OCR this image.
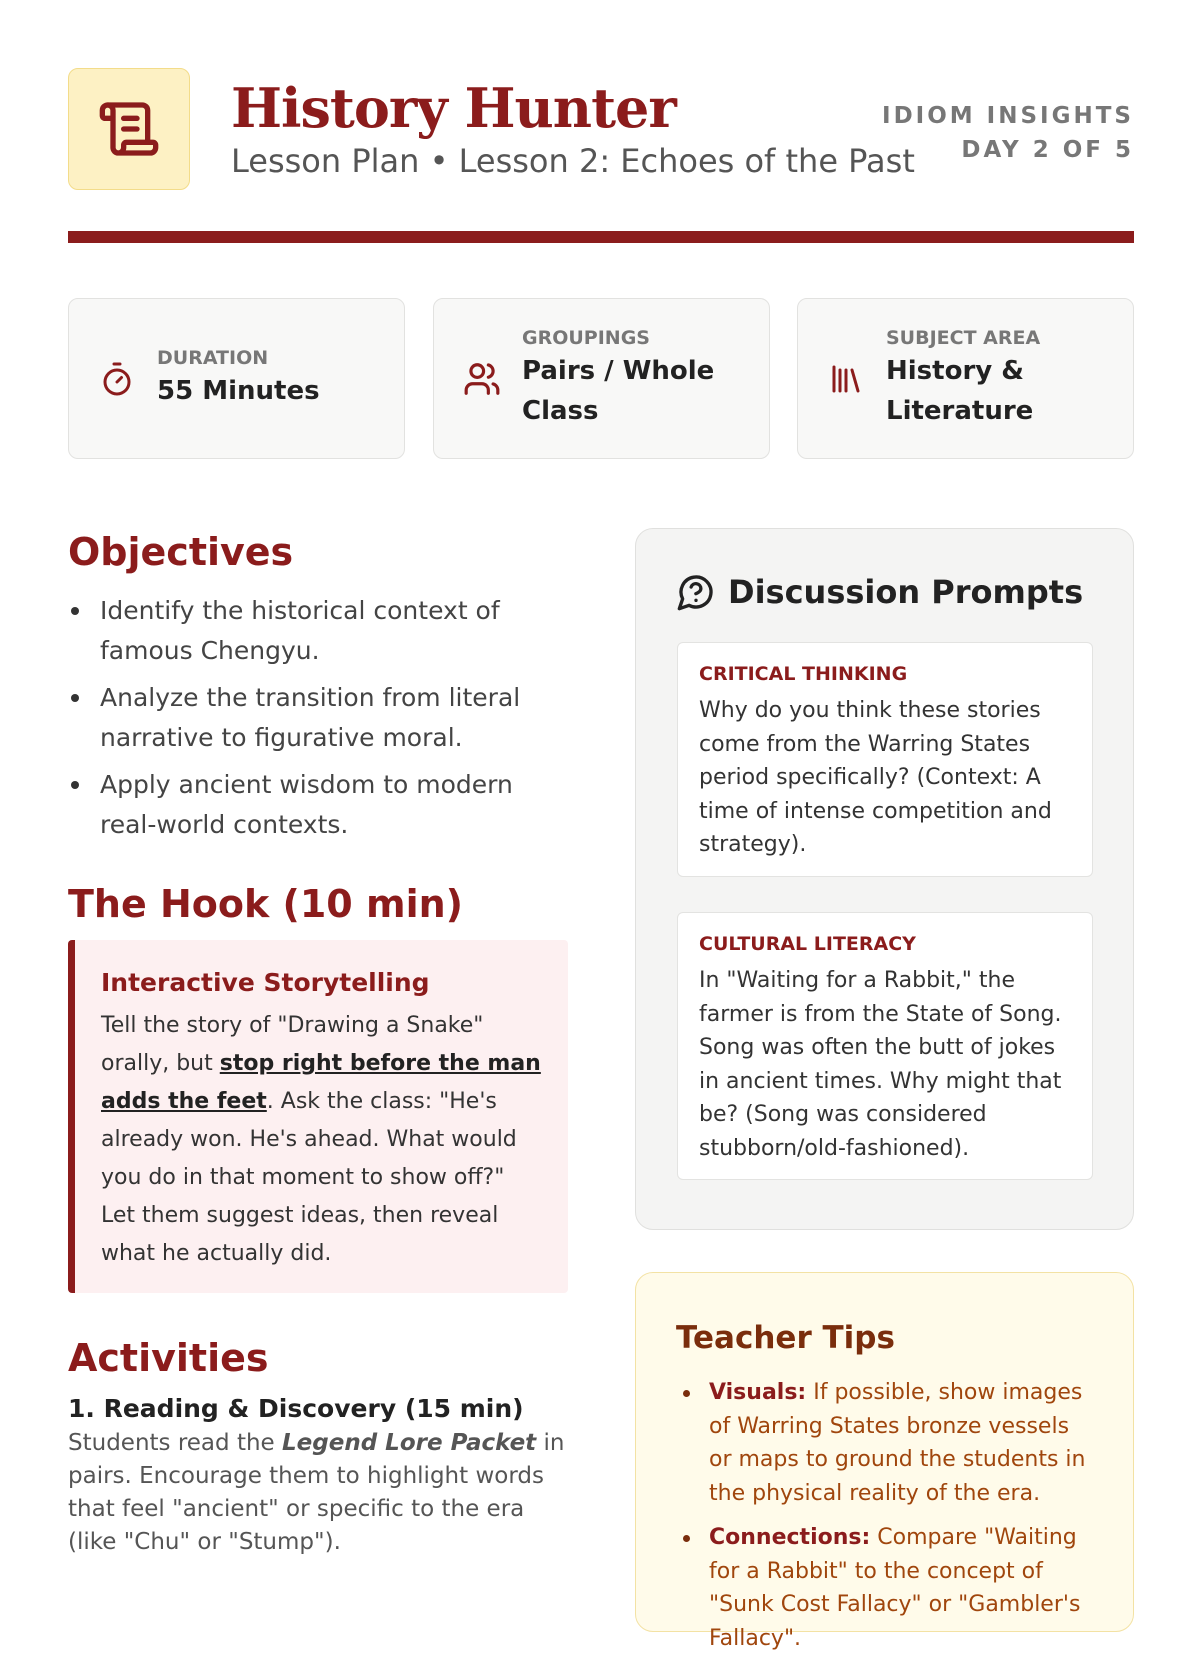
History Hunter
Lesson Plan • Lesson 2: Echoes of the Past
IDIOM INSIGHTS
DAY 2 OF 5
DURATION
55 Minutes
GROUPINGS
Pairs / Whole Class
SUBJECT AREA
History & Literature
Objectives
Identify the historical context of famous Chengyu.
Analyze the transition from literal narrative to figurative moral.
Apply ancient wisdom to modern real-world contexts.
The Hook (10 min)
Interactive Storytelling

Tell the story of "Drawing a Snake" orally, but stop right before the man adds the feet. Ask the class: "He's already won. He's ahead. What would you do in that moment to show off?" Let them suggest ideas, then reveal what he actually did.

Activities
1. Reading & Discovery (15 min)
Students read the Legend Lore Packet in pairs. Encourage them to highlight words that feel "ancient" or specific to the era (like "Chu" or "Stump").
Discussion Prompts
CRITICAL THINKING

Why do you think these stories come from the Warring States period specifically? (Context: A time of intense competition and strategy).

CULTURAL LITERACY

In "Waiting for a Rabbit," the farmer is from the State of Song. Song was often the butt of jokes in ancient times. Why might that be? (Song was considered stubborn/old-fashioned).

Teacher Tips
Visuals: If possible, show images of Warring States bronze vessels or maps to ground the students in the physical reality of the era.
Connections: Compare "Waiting for a Rabbit" to the concept of "Sunk Cost Fallacy" or "Gambler's Fallacy".
